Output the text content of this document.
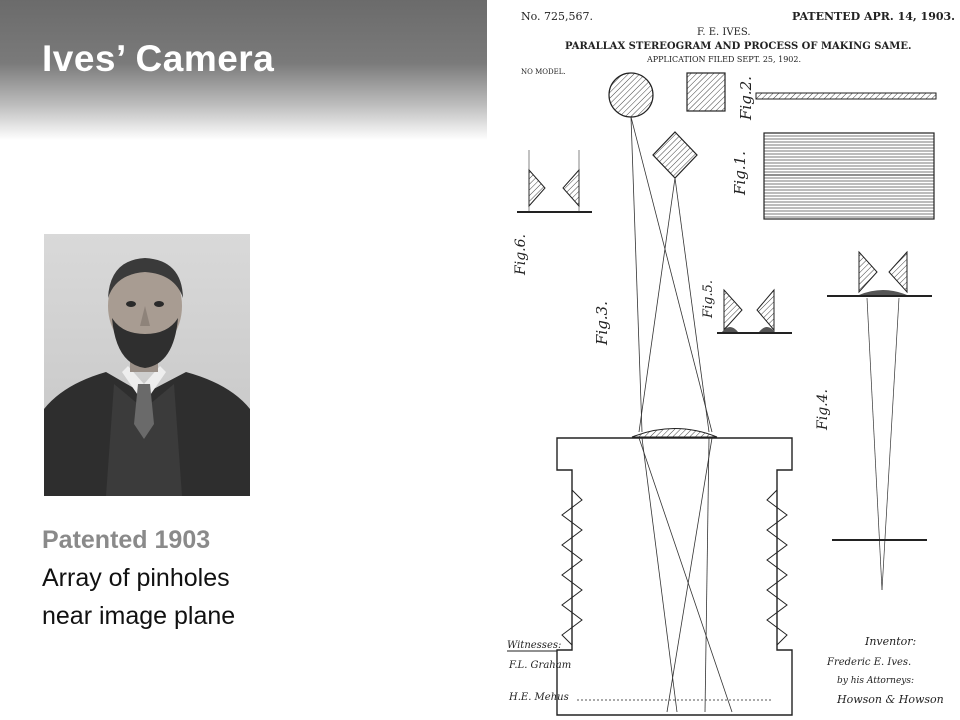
Ives’ Camera
Patented 1903
Array of pinholes
near image plane
No. 725,567.	PATENTED APR. 14, 1903.
F. E. IVES.
PARALLAX STEREOGRAM AND PROCESS OF MAKING SAME.
APPLICATION FILED SEPT. 25, 1902.
NO MODEL.
Fig.2.
Fig.1.
Fig.3.
Fig.6.
Fig.5.
Fig.4.
Witnesses:
F.L. Graham
H.E. Mehus
Inventor:
Frederic E. Ives.
by his Attorneys:
Howson & Howson
